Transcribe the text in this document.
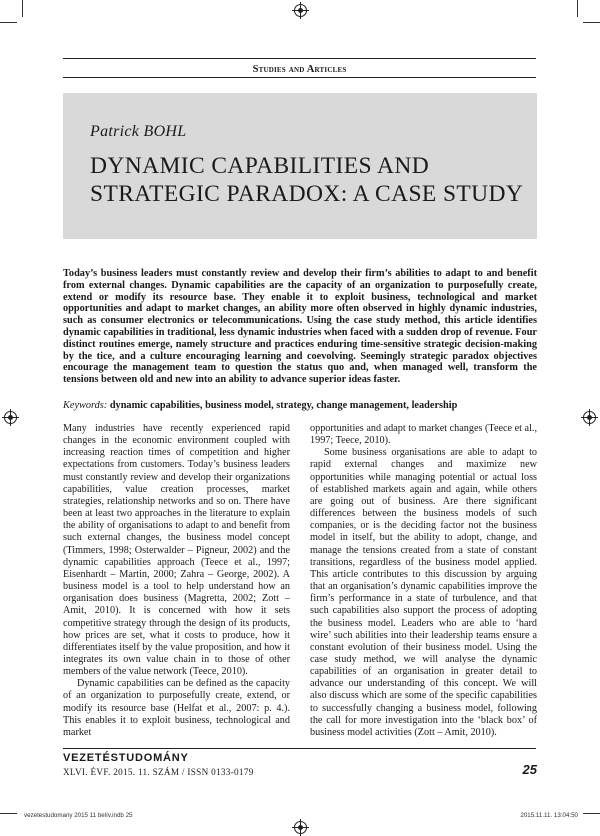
Studies and Articles
Patrick BOHL
DYNAMIC CAPABILITIES AND STRATEGIC PARADOX: A CASE STUDY
Today’s business leaders must constantly review and develop their firm’s abilities to adapt to and benefit from external changes. Dynamic capabilities are the capacity of an organization to purposefully create, extend or modify its resource base. They enable it to exploit business, technological and market opportunities and adapt to market changes, an ability more often observed in highly dynamic industries, such as consumer electronics or telecommunications. Using the case study method, this article identifies dynamic capabilities in traditional, less dynamic industries when faced with a sudden drop of revenue. Four distinct routines emerge, namely structure and practices enduring time-sensitive strategic decision-making by the tice, and a culture encouraging learning and coevolving. Seemingly strategic paradox objectives encourage the management team to question the status quo and, when managed well, transform the tensions between old and new into an ability to advance superior ideas faster.
Keywords: dynamic capabilities, business model, strategy, change management, leadership

Many industries have recently experienced rapid changes in the economic environment coupled with increasing reaction times of competition and higher expectations from customers. Today’s business leaders must constantly review and develop their organizations capabilities, value creation processes, market strategies, relationship networks and so on. There have been at least two approaches in the literature to explain the ability of organisations to adapt to and benefit from such external changes, the business model concept (Timmers, 1998; Osterwalder – Pigneur, 2002) and the dynamic capabilities approach (Teece et al., 1997; Eisenhardt – Martin, 2000; Zahra – George, 2002). A business model is a tool to help understand how an organisation does business (Magretta, 2002; Zott – Amit, 2010). It is concerned with how it sets competitive strategy through the design of its products, how prices are set, what it costs to produce, how it differentiates itself by the value proposition, and how it integrates its own value chain in to those of other members of the value network (Teece, 2010).

Dynamic capabilities can be defined as the capacity of an organization to purposefully create, extend, or modify its resource base (Helfat et al., 2007: p. 4.). This enables it to exploit business, technological and market

opportunities and adapt to market changes (Teece et al., 1997; Teece, 2010).

Some business organisations are able to adapt to rapid external changes and maximize new opportunities while managing potential or actual loss of established markets again and again, while others are going out of business. Are there significant differences between the business models of such companies, or is the deciding factor not the business model in itself, but the ability to adopt, change, and manage the tensions created from a state of constant transitions, regardless of the business model applied. This article contributes to this discussion by arguing that an organisation’s dynamic capabilities improve the firm’s performance in a state of turbulence, and that such capabilities also support the process of adopting the business model. Leaders who are able to ‘hard wire’ such abilities into their leadership teams ensure a constant evolution of their business model. Using the case study method, we will analyse the dynamic capabilities of an organisation in greater detail to advance our understanding of this concept. We will also discuss which are some of the specific capabilities to successfully changing a business model, following the call for more investigation into the ‘black box’ of business model activities (Zott – Amit, 2010).

VEZETÉSTUDOMÁNY
XLVI. ÉVF. 2015. 11. SZÁM / ISSN 0133-0179	25
vezetestudomany 2015 11 belív.indb 25	2015.11.11. 13:04:50
